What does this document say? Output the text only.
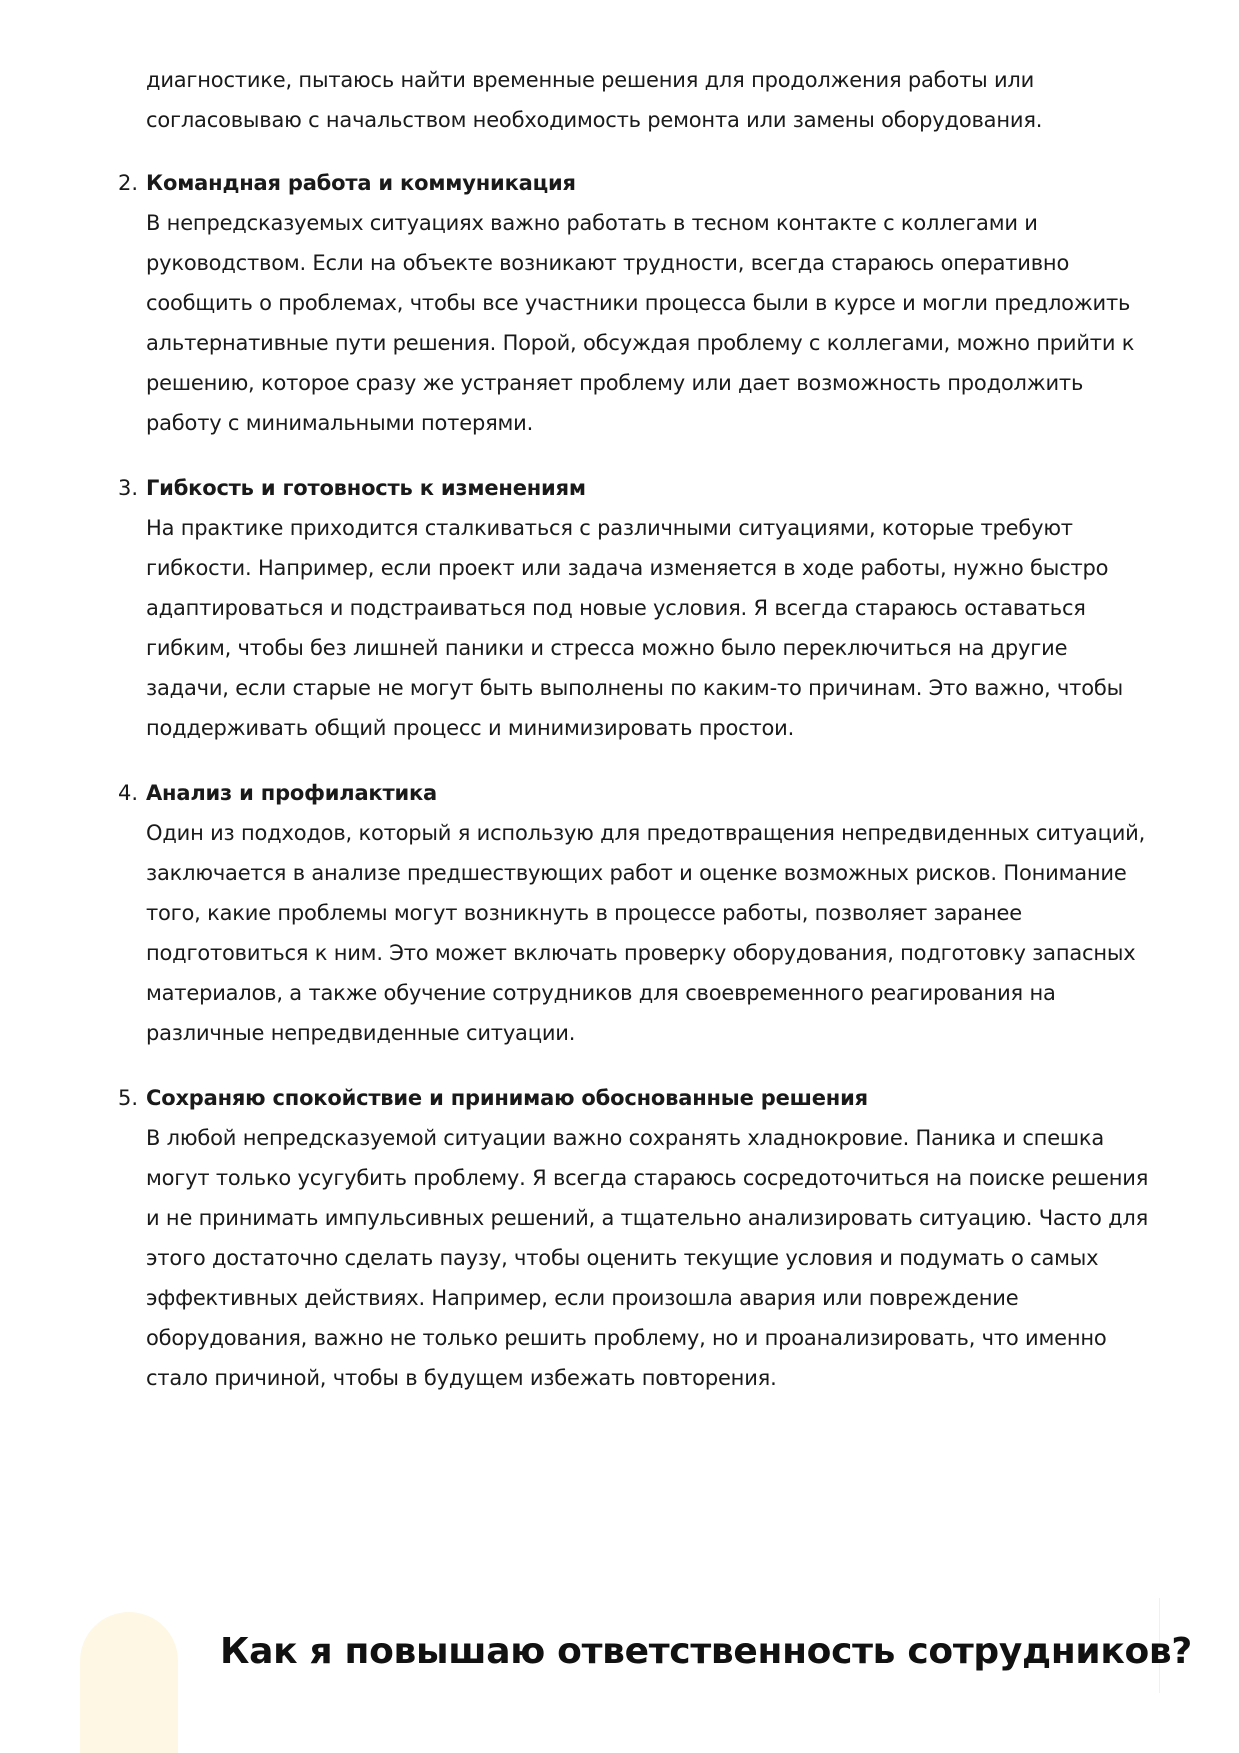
диагностике, пытаюсь найти временные решения для продолжения работы или согласовываю с начальством необходимость ремонта или замены оборудования.

2. Командная работа и коммуникация
В непредсказуемых ситуациях важно работать в тесном контакте с коллегами и руководством. Если на объекте возникают трудности, всегда стараюсь оперативно сообщить о проблемах, чтобы все участники процесса были в курсе и могли предложить альтернативные пути решения. Порой, обсуждая проблему с коллегами, можно прийти к решению, которое сразу же устраняет проблему или дает возможность продолжить работу с минимальными потерями.
3. Гибкость и готовность к изменениям
На практике приходится сталкиваться с различными ситуациями, которые требуют гибкости. Например, если проект или задача изменяется в ходе работы, нужно быстро адаптироваться и подстраиваться под новые условия. Я всегда стараюсь оставаться гибким, чтобы без лишней паники и стресса можно было переключиться на другие задачи, если старые не могут быть выполнены по каким-то причинам. Это важно, чтобы поддерживать общий процесс и минимизировать простои.
4. Анализ и профилактика
Один из подходов, который я использую для предотвращения непредвиденных ситуаций, заключается в анализе предшествующих работ и оценке возможных рисков. Понимание того, какие проблемы могут возникнуть в процессе работы, позволяет заранее подготовиться к ним. Это может включать проверку оборудования, подготовку запасных материалов, а также обучение сотрудников для своевременного реагирования на различные непредвиденные ситуации.
5. Сохраняю спокойствие и принимаю обоснованные решения
В любой непредсказуемой ситуации важно сохранять хладнокровие. Паника и спешка могут только усугубить проблему. Я всегда стараюсь сосредоточиться на поиске решения и не принимать импульсивных решений, а тщательно анализировать ситуацию. Часто для этого достаточно сделать паузу, чтобы оценить текущие условия и подумать о самых эффективных действиях. Например, если произошла авария или повреждение оборудования, важно не только решить проблему, но и проанализировать, что именно стало причиной, чтобы в будущем избежать повторения.
Как я повышаю ответственность сотрудников?
